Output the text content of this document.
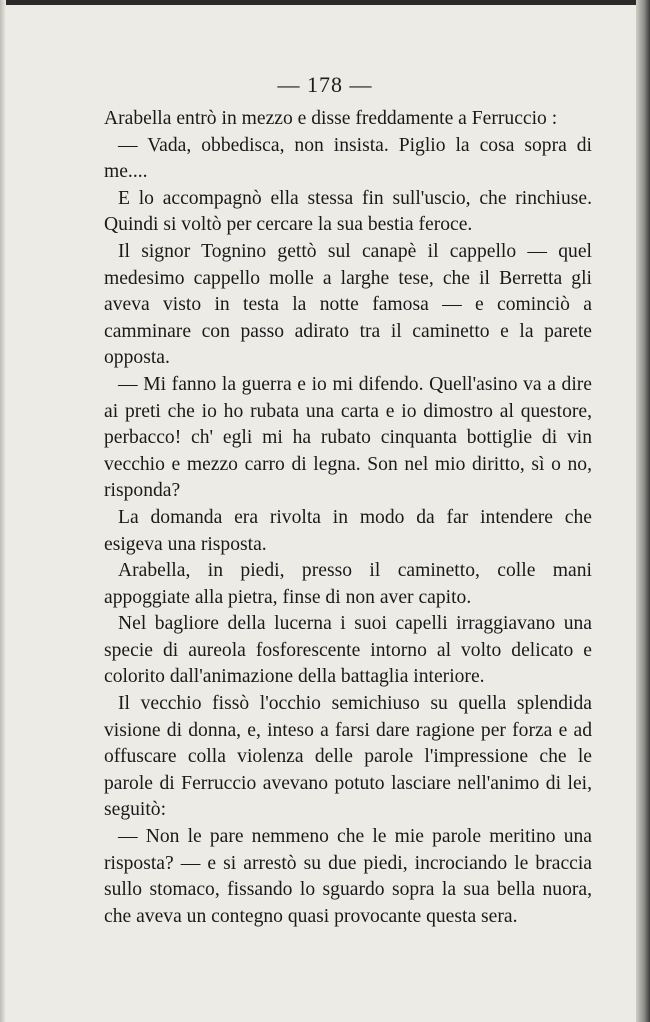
— 178 —

Arabella entrò in mezzo e disse freddamente a Ferruccio :

— Vada, obbedisca, non insista. Piglio la cosa sopra di me....

E lo accompagnò ella stessa fin sull'uscio, che rinchiuse. Quindi si voltò per cercare la sua bestia feroce.

Il signor Tognino gettò sul canapè il cappello — quel medesimo cappello molle a larghe tese, che il Berretta gli aveva visto in testa la notte famosa — e cominciò a camminare con passo adirato tra il caminetto e la parete opposta.

— Mi fanno la guerra e io mi difendo. Quell'asino va a dire ai preti che io ho rubata una carta e io dimostro al questore, perbacco! ch' egli mi ha rubato cinquanta bottiglie di vin vecchio e mezzo carro di legna. Son nel mio diritto, sì o no, risponda?

La domanda era rivolta in modo da far intendere che esigeva una risposta.

Arabella, in piedi, presso il caminetto, colle mani appoggiate alla pietra, finse di non aver capito.

Nel bagliore della lucerna i suoi capelli irraggiavano una specie di aureola fosforescente intorno al volto delicato e colorito dall'animazione della battaglia interiore.

Il vecchio fissò l'occhio semichiuso su quella splendida visione di donna, e, inteso a farsi dare ragione per forza e ad offuscare colla violenza delle parole l'impressione che le parole di Ferruccio avevano potuto lasciare nell'animo di lei, seguitò:

— Non le pare nemmeno che le mie parole meritino una risposta? — e si arrestò su due piedi, incrociando le braccia sullo stomaco, fissando lo sguardo sopra la sua bella nuora, che aveva un contegno quasi provocante questa sera.
